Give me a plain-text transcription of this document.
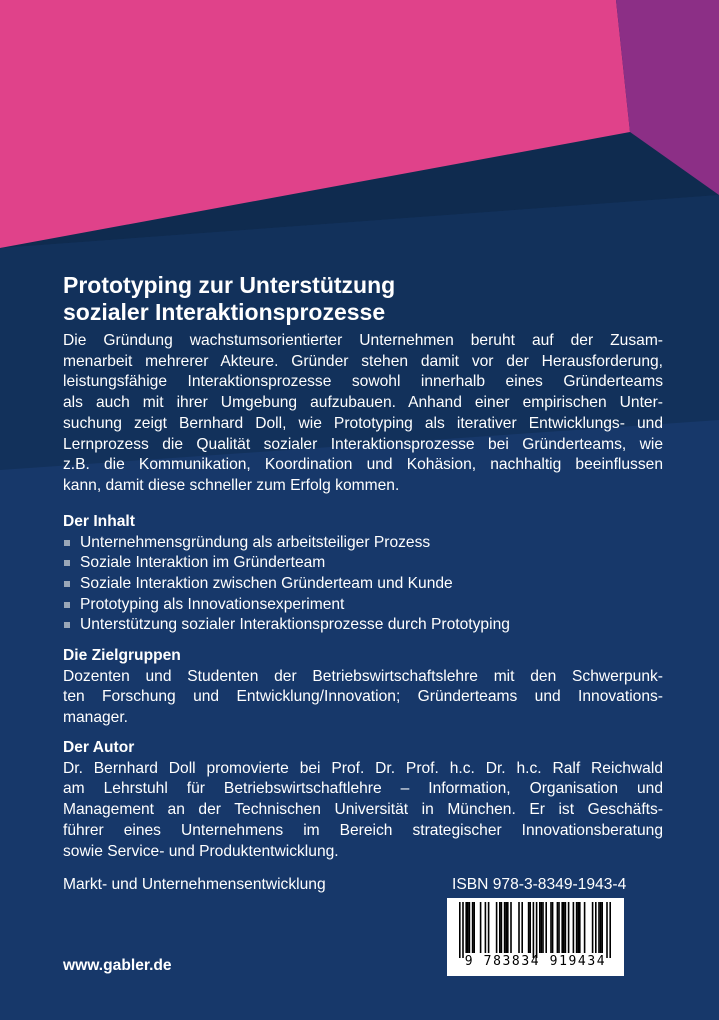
Prototyping zur Unterstützung
sozialer Interaktionsprozesse
Die Gründung wachstumsorientierter Unternehmen beruht auf der Zusam-
menarbeit mehrerer Akteure. Gründer stehen damit vor der Herausforderung,
leistungsfähige Interaktionsprozesse sowohl innerhalb eines Gründerteams
als auch mit ihrer Umgebung aufzubauen. Anhand einer empirischen Unter-
suchung zeigt Bernhard Doll, wie Prototyping als iterativer Entwicklungs- und
Lernprozess die Qualität sozialer Interaktionsprozesse bei Gründerteams, wie
z.B. die Kommunikation, Koordination und Kohäsion, nachhaltig beeinflussen
kann, damit diese schneller zum Erfolg kommen.
Der Inhalt
Unternehmensgründung als arbeitsteiliger Prozess
Soziale Interaktion im Gründerteam
Soziale Interaktion zwischen Gründerteam und Kunde
Prototyping als Innovationsexperiment
Unterstützung sozialer Interaktionsprozesse durch Prototyping
Die Zielgruppen
Dozenten und Studenten der Betriebswirtschaftslehre mit den Schwerpunk-
ten Forschung und Entwicklung/Innovation; Gründerteams und Innovations-
manager.
Der Autor
Dr. Bernhard Doll promovierte bei Prof. Dr. Prof. h.c. Dr. h.c. Ralf Reichwald
am Lehrstuhl für Betriebswirtschaftlehre – Information, Organisation und
Management an der Technischen Universität in München. Er ist Geschäfts-
führer eines Unternehmens im Bereich strategischer Innovationsberatung
sowie Service- und Produktentwicklung.
Markt- und Unternehmensentwicklung	ISBN 978-3-8349-1943-4
9 783834 919434
www.gabler.de
